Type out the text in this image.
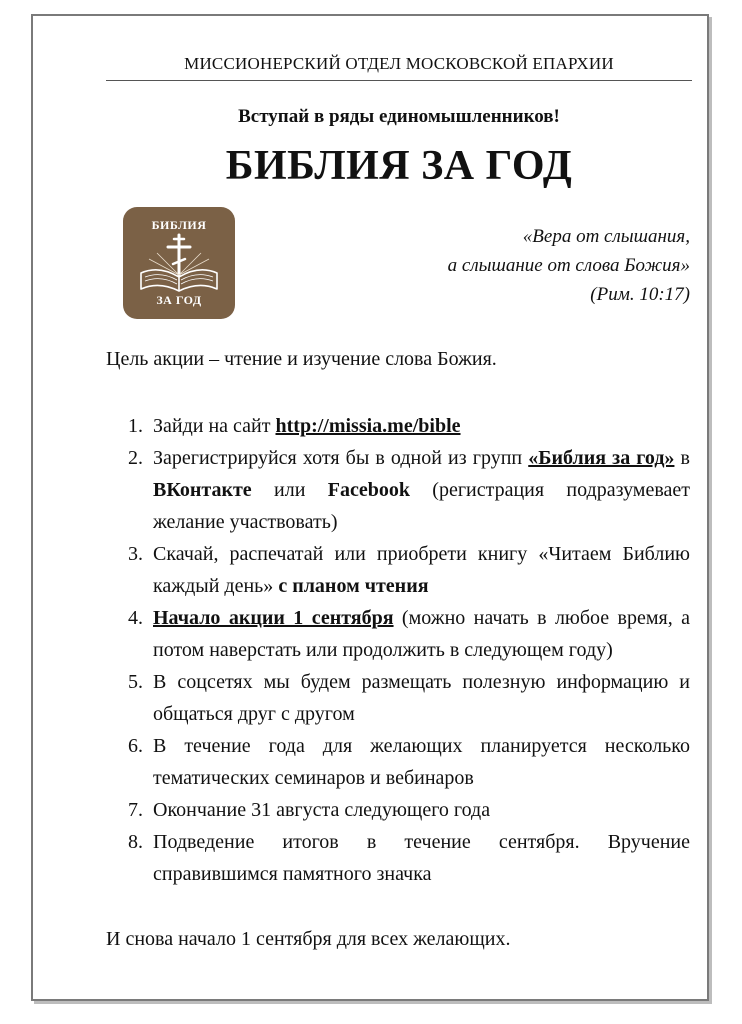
МИССИОНЕРСКИЙ ОТДЕЛ МОСКОВСКОЙ ЕПАРХИИ
Вступай в ряды единомышленников!
БИБЛИЯ ЗА ГОД
БИБЛИЯ
ЗА ГОД
«Вера от слышания,
а слышание от слова Божия»
(Рим. 10:17)
Цель акции – чтение и изучение слова Божия.
1. Зайди на сайт http://missia.me/bible
2. Зарегистрируйся хотя бы в одной из групп «Библия за год» в ВКонтакте или Facebook (регистрация подразумевает желание участвовать)
3. Скачай, распечатай или приобрети книгу «Читаем Библию каждый день» с планом чтения
4. Начало акции 1 сентября (можно начать в любое время, а потом наверстать или продолжить в следующем году)
5. В соцсетях мы будем размещать полезную информацию и общаться друг с другом
6. В течение года для желающих планируется несколько тематических семинаров и вебинаров
7. Окончание 31 августа следующего года
8. Подведение итогов в течение сентября. Вручение справившимся памятного значка
И снова начало 1 сентября для всех желающих.
